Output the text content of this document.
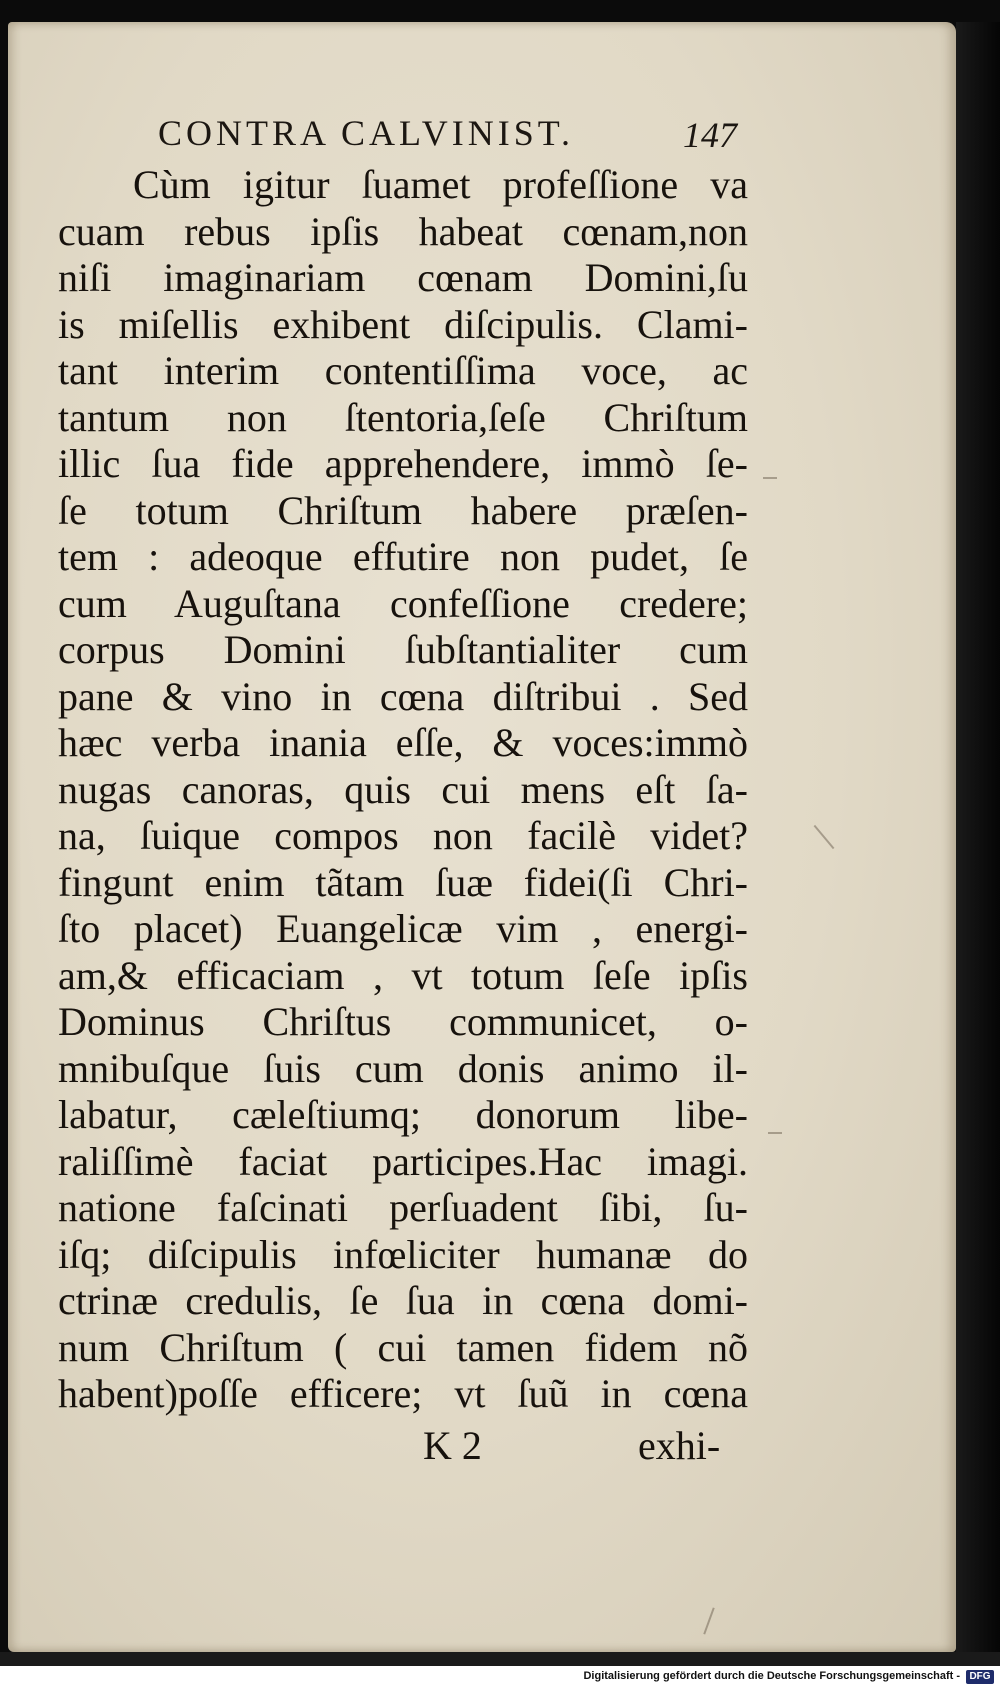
CONTRA CALVINIST.	147
Cùm igitur ſuamet profeſſione va
cuam rebus ipſis habeat cœnam,non
niſi imaginariam cœnam Domini,ſu
is miſellis exhibent diſcipulis. Clami-
tant interim contentiſſima voce, ac
tantum non ſtentoria,ſeſe Chriſtum
illic ſua fide apprehendere, immò ſe-
ſe totum Chriſtum habere præſen-
tem : adeoque effutire non pudet, ſe
cum Auguſtana confeſſione credere;
corpus Domini ſubſtantialiter cum
pane & vino in cœna diſtribui . Sed
hæc verba inania eſſe, & voces:immò
nugas canoras, quis cui mens eſt ſa-
na, ſuique compos non facilè videt?
fingunt enim tãtam ſuæ fidei(ſi Chri-
ſto placet) Euangelicæ vim , energi-
am,& efficaciam , vt totum ſeſe ipſis
Dominus Chriſtus communicet, o-
mnibuſque ſuis cum donis animo il-
labatur, cæleſtiumq; donorum libe-
raliſſimè faciat participes.Hac imagi.
natione faſcinati perſuadent ſibi, ſu-
iſq; diſcipulis infœliciter humanæ do
ctrinæ credulis, ſe ſua in cœna domi-
num Chriſtum ( cui tamen fidem nõ
habent)poſſe efficere; vt ſuũ in cœna
K 2	exhi-
Digitalisierung gefördert durch die Deutsche Forschungsgemeinschaft - DFG
